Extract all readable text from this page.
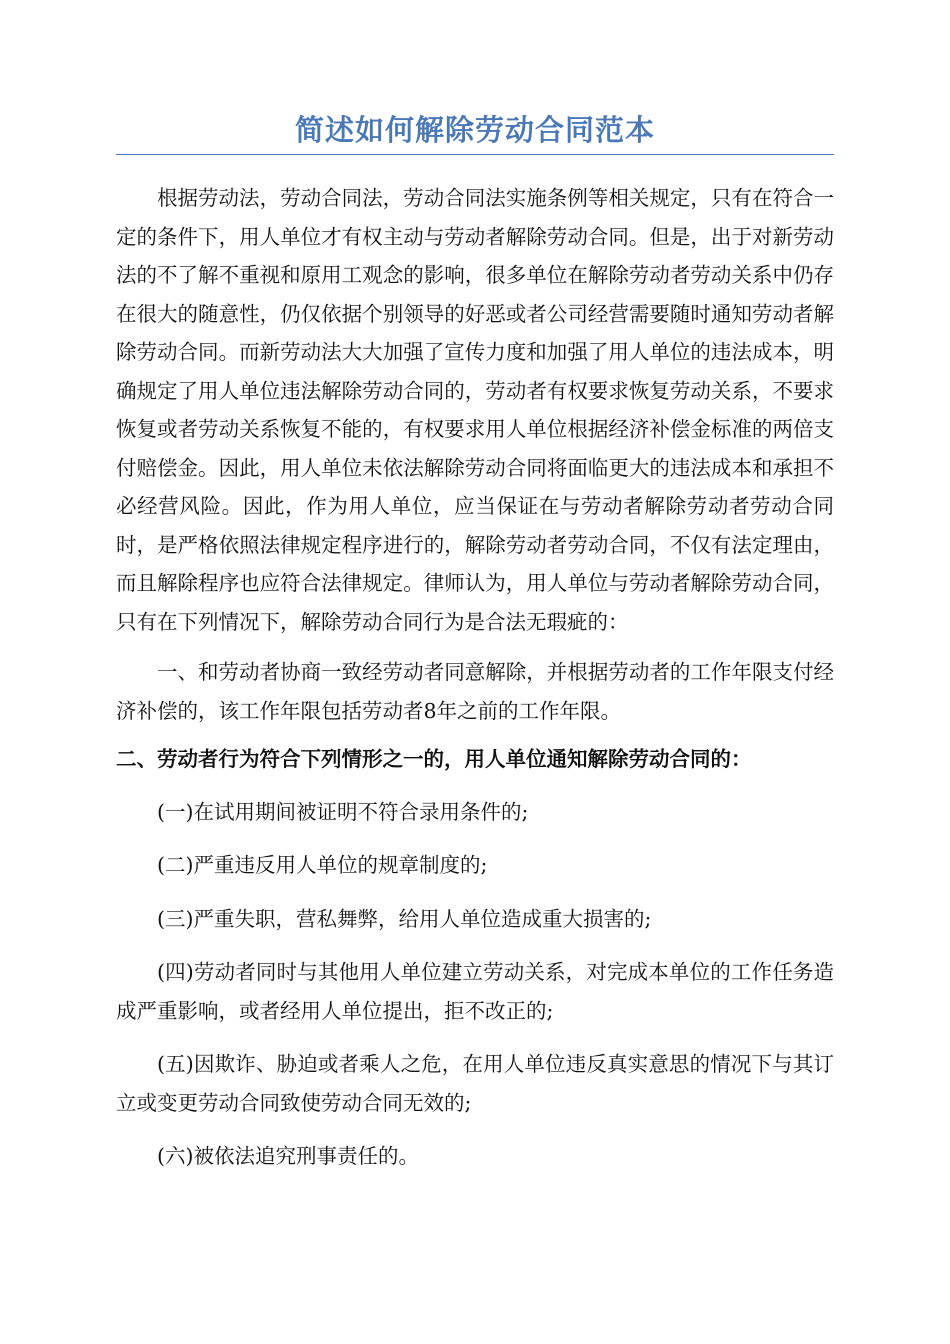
简述如何解除劳动合同范本

根据劳动法，劳动合同法，劳动合同法实施条例等相关规定，只有在符合一定的条件下，用人单位才有权主动与劳动者解除劳动合同。但是，出于对新劳动法的不了解不重视和原用工观念的影响，很多单位在解除劳动者劳动关系中仍存在很大的随意性，仍仅依据个别领导的好恶或者公司经营需要随时通知劳动者解除劳动合同。而新劳动法大大加强了宣传力度和加强了用人单位的违法成本，明确规定了用人单位违法解除劳动合同的，劳动者有权要求恢复劳动关系，不要求恢复或者劳动关系恢复不能的，有权要求用人单位根据经济补偿金标准的两倍支付赔偿金。因此，用人单位未依法解除劳动合同将面临更大的违法成本和承担不必经营风险。因此，作为用人单位，应当保证在与劳动者解除劳动者劳动合同时，是严格依照法律规定程序进行的，解除劳动者劳动合同，不仅有法定理由，而且解除程序也应符合法律规定。律师认为，用人单位与劳动者解除劳动合同，只有在下列情况下，解除劳动合同行为是合法无瑕疵的：

一、和劳动者协商一致经劳动者同意解除，并根据劳动者的工作年限支付经济补偿的，该工作年限包括劳动者8年之前的工作年限。

二、劳动者行为符合下列情形之一的，用人单位通知解除劳动合同的：

(一)在试用期间被证明不符合录用条件的;

(二)严重违反用人单位的规章制度的;

(三)严重失职，营私舞弊，给用人单位造成重大损害的;

(四)劳动者同时与其他用人单位建立劳动关系，对完成本单位的工作任务造成严重影响，或者经用人单位提出，拒不改正的;

(五)因欺诈、胁迫或者乘人之危，在用人单位违反真实意思的情况下与其订立或变更劳动合同致使劳动合同无效的;

(六)被依法追究刑事责任的。
